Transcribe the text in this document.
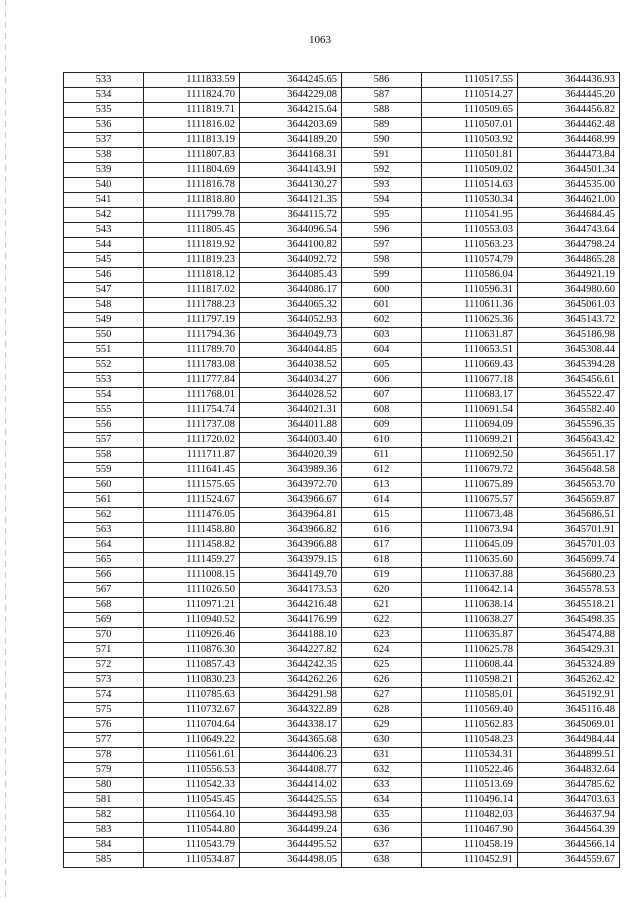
1063
533	1111833.59	3644245.65	586	1110517.55	3644436.93
534	1111824.70	3644229.08	587	1110514.27	3644445.20
535	1111819.71	3644215.64	588	1110509.65	3644456.82
536	1111816.02	3644203.69	589	1110507.01	3644462.48
537	1111813.19	3644189.20	590	1110503.92	3644468.99
538	1111807.83	3644168.31	591	1110501.81	3644473.84
539	1111804.69	3644143.91	592	1110509.02	3644501.34
540	1111816.78	3644130.27	593	1110514.63	3644535.00
541	1111818.80	3644121.35	594	1110530.34	3644621.00
542	1111799.78	3644115.72	595	1110541.95	3644684.45
543	1111805.45	3644096.54	596	1110553.03	3644743.64
544	1111819.92	3644100.82	597	1110563.23	3644798.24
545	1111819.23	3644092.72	598	1110574.79	3644865.28
546	1111818.12	3644085.43	599	1110586.04	3644921.19
547	1111817.02	3644086.17	600	1110596.31	3644980.60
548	1111788.23	3644065.32	601	1110611.36	3645061.03
549	1111797.19	3644052.93	602	1110625.36	3645143.72
550	1111794.36	3644049.73	603	1110631.87	3645186.98
551	1111789.70	3644044.85	604	1110653.51	3645308.44
552	1111783.08	3644038.52	605	1110669.43	3645394.28
553	1111777.84	3644034.27	606	1110677.18	3645456.61
554	1111768.01	3644028.52	607	1110683.17	3645522.47
555	1111754.74	3644021.31	608	1110691.54	3645582.40
556	1111737.08	3644011.88	609	1110694.09	3645596.35
557	1111720.02	3644003.40	610	1110699.21	3645643.42
558	1111711.87	3644020.39	611	1110692.50	3645651.17
559	1111641.45	3643989.36	612	1110679.72	3645648.58
560	1111575.65	3643972.70	613	1110675.89	3645653.70
561	1111524.67	3643966.67	614	1110675.57	3645659.87
562	1111476.05	3643964.81	615	1110673.48	3645686.51
563	1111458.80	3643966.82	616	1110673.94	3645701.91
564	1111458.82	3643966.88	617	1110645.09	3645701.03
565	1111459.27	3643979.15	618	1110635.60	3645699.74
566	1111008.15	3644149.70	619	1110637.88	3645680.23
567	1111026.50	3644173.53	620	1110642.14	3645578.53
568	1110971.21	3644216.48	621	1110638.14	3645518.21
569	1110940.52	3644176.99	622	1110638.27	3645498.35
570	1110926.46	3644188.10	623	1110635.87	3645474.88
571	1110876.30	3644227.82	624	1110625.78	3645429.31
572	1110857.43	3644242.35	625	1110608.44	3645324.89
573	1110830.23	3644262.26	626	1110598.21	3645262.42
574	1110785.63	3644291.98	627	1110585.01	3645192.91
575	1110732.67	3644322.89	628	1110569.40	3645116.48
576	1110704.64	3644338.17	629	1110562.83	3645069.01
577	1110649.22	3644365.68	630	1110548.23	3644984.44
578	1110561.61	3644406.23	631	1110534.31	3644899.51
579	1110556.53	3644408.77	632	1110522.46	3644832.64
580	1110542.33	3644414.02	633	1110513.69	3644785.62
581	1110545.45	3644425.55	634	1110496.14	3644703.63
582	1110564.10	3644493.98	635	1110482.03	3644637.94
583	1110544.80	3644499.24	636	1110467.90	3644564.39
584	1110543.79	3644495.52	637	1110458.19	3644566.14
585	1110534.87	3644498.05	638	1110452.91	3644559.67
